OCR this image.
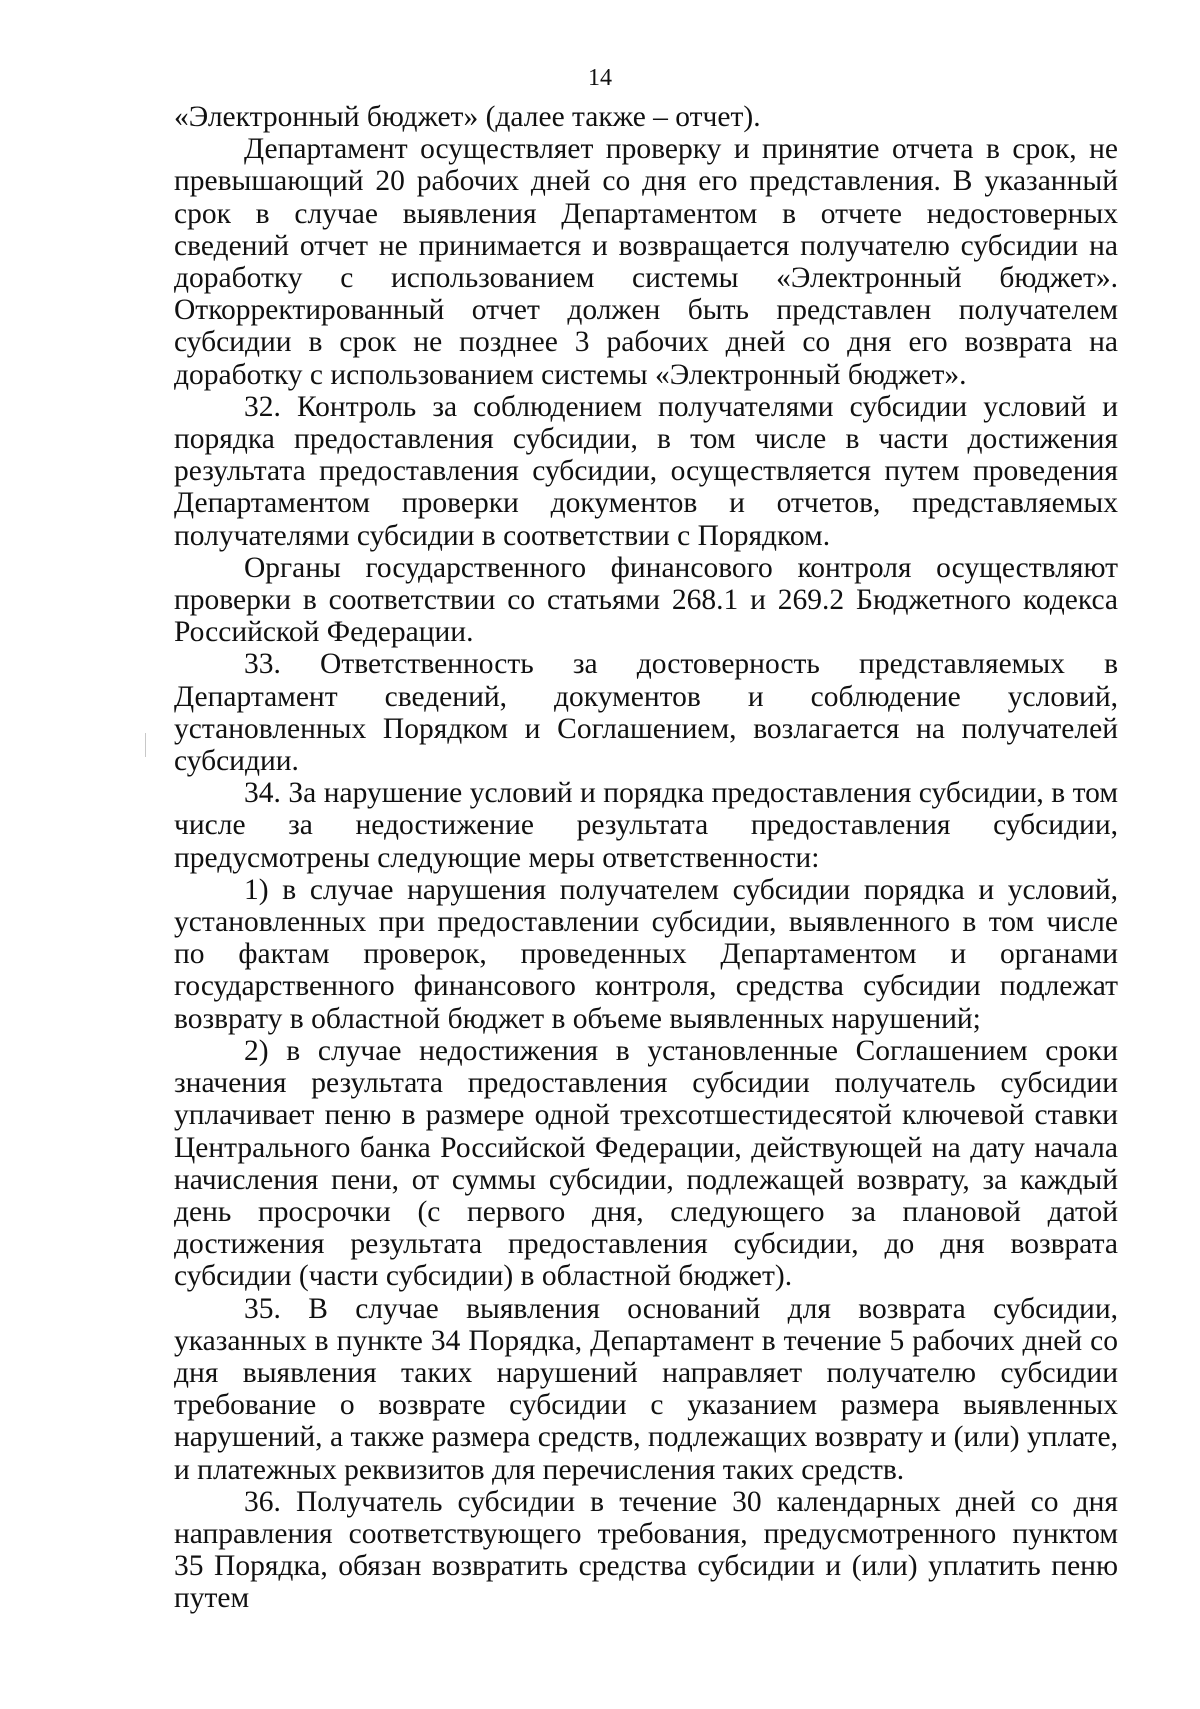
14

«Электронный бюджет» (далее также – отчет).

Департамент осуществляет проверку и принятие отчета в срок, не превышающий 20 рабочих дней со дня его представления. В указанный срок в случае выявления Департаментом в отчете недостоверных сведений отчет не принимается и возвращается получателю субсидии на доработку с использованием системы «Электронный бюджет». Откорректированный отчет должен быть представлен получателем субсидии в срок не позднее 3 рабочих дней со дня его возврата на доработку с использованием системы «Электронный бюджет».

32. Контроль за соблюдением получателями субсидии условий и порядка предоставления субсидии, в том числе в части достижения результата предоставления субсидии, осуществляется путем проведения Департаментом проверки документов и отчетов, представляемых получателями субсидии в соответствии с Порядком.

Органы государственного финансового контроля осуществляют проверки в соответствии со статьями 268.1 и 269.2 Бюджетного кодекса Российской Федерации.

33. Ответственность за достоверность представляемых в Департамент сведений, документов и соблюдение условий, установленных Порядком и Соглашением, возлагается на получателей субсидии.

34. За нарушение условий и порядка предоставления субсидии, в том числе за недостижение результата предоставления субсидии, предусмотрены следующие меры ответственности:

1) в случае нарушения получателем субсидии порядка и условий, установленных при предоставлении субсидии, выявленного в том числе по фактам проверок, проведенных Департаментом и органами государственного финансового контроля, средства субсидии подлежат возврату в областной бюджет в объеме выявленных нарушений;

2) в случае недостижения в установленные Соглашением сроки значения результата предоставления субсидии получатель субсидии уплачивает пеню в размере одной трехсотшестидесятой ключевой ставки Центрального банка Российской Федерации, действующей на дату начала начисления пени, от суммы субсидии, подлежащей возврату, за каждый день просрочки (с первого дня, следующего за плановой датой достижения результата предоставления субсидии, до дня возврата субсидии (части субсидии) в областной бюджет).

35. В случае выявления оснований для возврата субсидии, указанных в пункте 34 Порядка, Департамент в течение 5 рабочих дней со дня выявления таких нарушений направляет получателю субсидии требование о возврате субсидии с указанием размера выявленных нарушений, а также размера средств, подлежащих возврату и (или) уплате, и платежных реквизитов для перечисления таких средств.

36. Получатель субсидии в течение 30 календарных дней со дня направления соответствующего требования, предусмотренного пунктом 35 Порядка, обязан возвратить средства субсидии и (или) уплатить пеню путем
